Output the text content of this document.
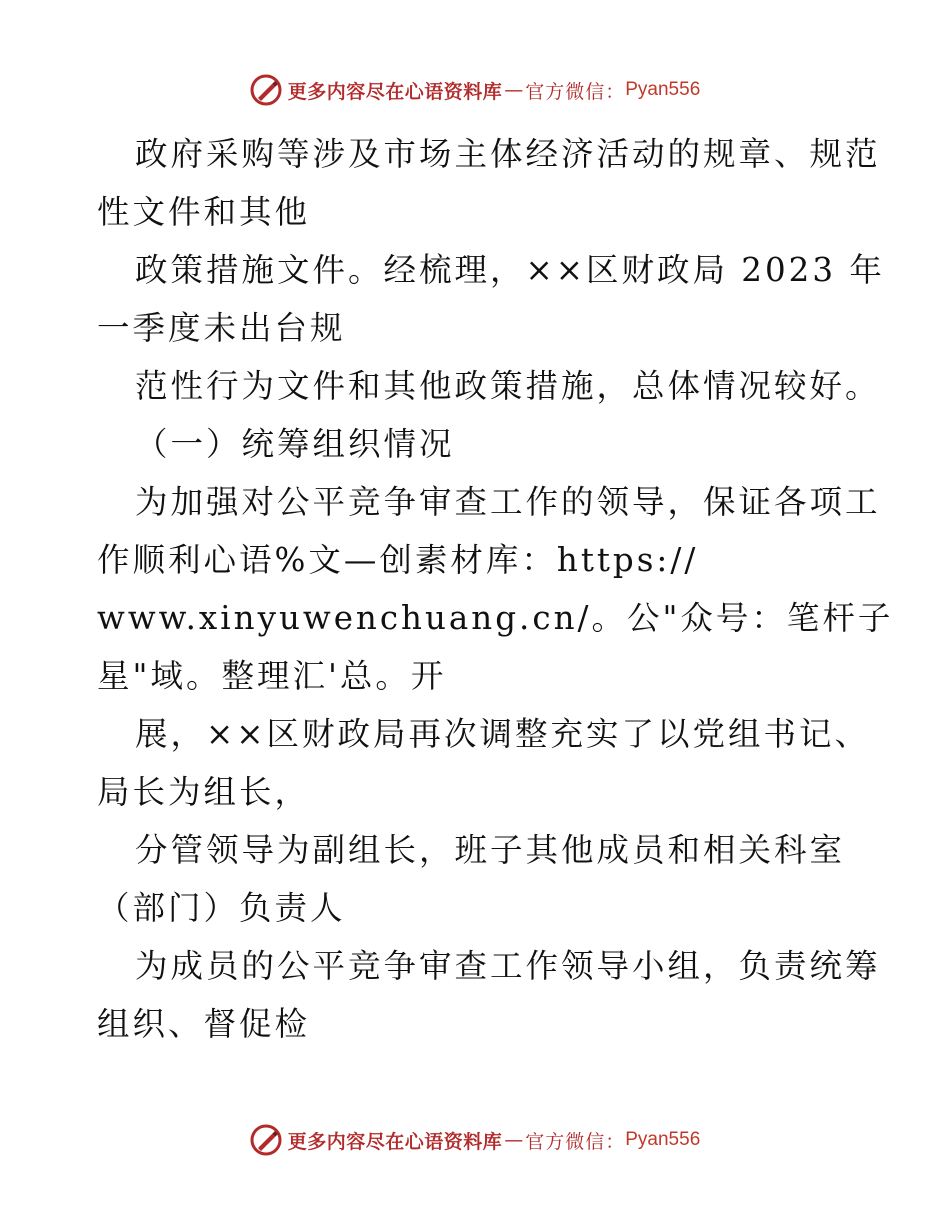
更多内容尽在心语资料库 — 官方微信： Pyan556
政府采购等涉及市场主体经济活动的规章、规范
性文件和其他
政策措施文件。经梳理，××区财政局 2023 年
一季度未出台规
范性行为文件和其他政策措施，总体情况较好。
（一）统筹组织情况
为加强对公平竞争审查工作的领导，保证各项工
作顺利心语%文—创素材库：https://
www.xinyuwenchuang.cn/。公"众号：笔杆子
星"域。整理汇'总。开
展，××区财政局再次调整充实了以党组书记、
局长为组长，
分管领导为副组长，班子其他成员和相关科室
（部门）负责人
为成员的公平竞争审查工作领导小组，负责统筹
组织、督促检
更多内容尽在心语资料库 — 官方微信： Pyan556
